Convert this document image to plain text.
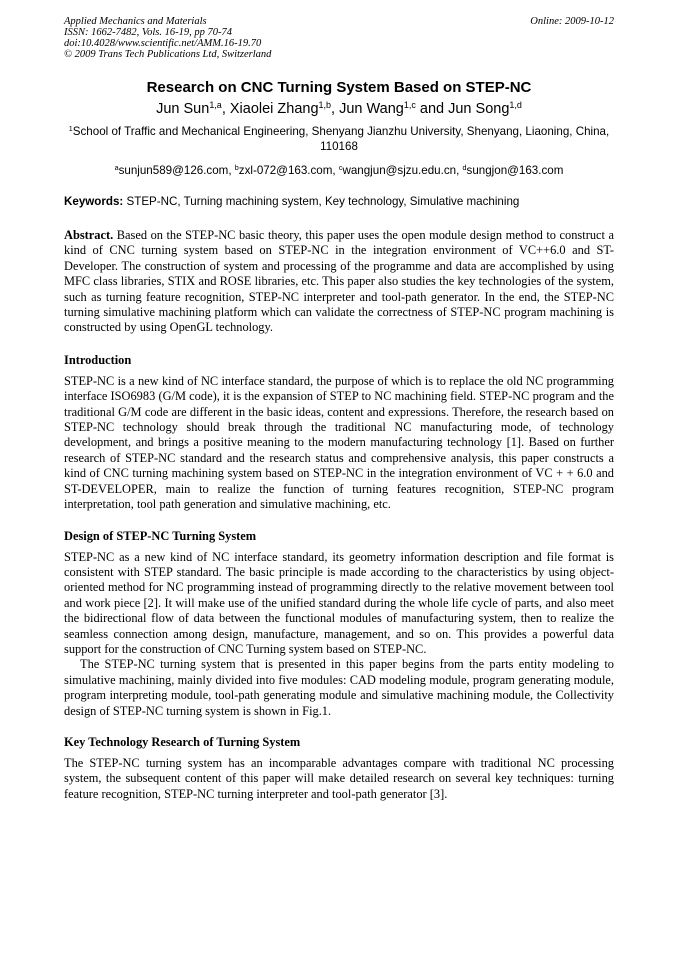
Applied Mechanics and Materials
ISSN: 1662-7482, Vols. 16-19, pp 70-74
doi:10.4028/www.scientific.net/AMM.16-19.70
© 2009 Trans Tech Publications Ltd, Switzerland
Online: 2009-10-12
Research on CNC Turning System Based on STEP-NC
Jun Sun$^{1,a}$, Xiaolei Zhang$^{1,b}$, Jun Wang$^{1,c}$ and Jun Song$^{1,d}$
$^1$School of Traffic and Mechanical Engineering, Shenyang Jianzhu University, Shenyang, Liaoning, China, 110168
$^a$sunjun589@126.com, $^b$zxl-072@163.com, $^c$wangjun@sjzu.edu.cn, $^d$sungjon@163.com
Keywords: STEP-NC, Turning machining system, Key technology, Simulative machining
Abstract. Based on the STEP-NC basic theory, this paper uses the open module design method to construct a kind of CNC turning system based on STEP-NC in the integration environment of VC++6.0 and ST-Developer. The construction of system and processing of the programme and data are accomplished by using MFC class libraries, STIX and ROSE libraries, etc. This paper also studies the key technologies of the system, such as turning feature recognition, STEP-NC interpreter and tool-path generator. In the end, the STEP-NC turning simulative machining platform which can validate the correctness of STEP-NC program machining is constructed by using OpenGL technology.
Introduction
STEP-NC is a new kind of NC interface standard, the purpose of which is to replace the old NC programming interface ISO6983 (G/M code), it is the expansion of STEP to NC machining field. STEP-NC program and the traditional G/M code are different in the basic ideas, content and expressions. Therefore, the research based on STEP-NC technology should break through the traditional NC manufacturing mode, of technology development, and brings a positive meaning to the modern manufacturing technology [1]. Based on further research of STEP-NC standard and the research status and comprehensive analysis, this paper constructs a kind of CNC turning machining system based on STEP-NC in the integration environment of VC + + 6.0 and ST-DEVELOPER, main to realize the function of turning features recognition, STEP-NC program interpretation, tool path generation and simulative machining, etc.
Design of STEP-NC Turning System
STEP-NC as a new kind of NC interface standard, its geometry information description and file format is consistent with STEP standard. The basic principle is made according to the characteristics by using object-oriented method for NC programming instead of programming directly to the relative movement between tool and work piece [2]. It will make use of the unified standard during the whole life cycle of parts, and also meet the bidirectional flow of data between the functional modules of manufacturing system, then to realize the seamless connection among design, manufacture, management, and so on. This provides a powerful data support for the construction of CNC Turning system based on STEP-NC.
The STEP-NC turning system that is presented in this paper begins from the parts entity modeling to simulative machining, mainly divided into five modules: CAD modeling module, program generating module, program interpreting module, tool-path generating module and simulative machining module, the Collectivity design of STEP-NC turning system is shown in Fig.1.
Key Technology Research of Turning System
The STEP-NC turning system has an incomparable advantages compare with traditional NC processing system, the subsequent content of this paper will make detailed research on several key techniques: turning feature recognition, STEP-NC turning interpreter and tool-path generator [3].
